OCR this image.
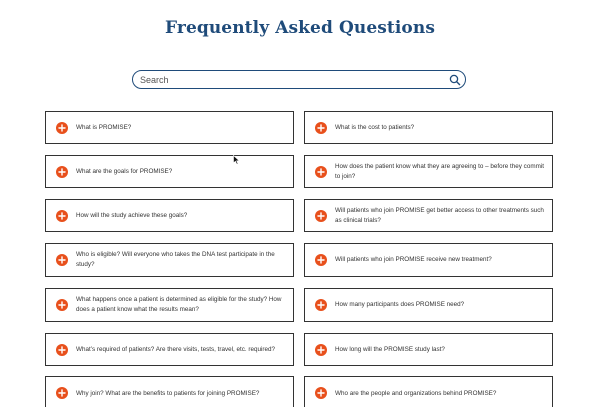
Frequently Asked Questions
Search
What is PROMISE?
What are the goals for PROMISE?
How will the study achieve these goals?
Who is eligible? Will everyone who takes the DNA test participate in the study?
What happens once a patient is determined as eligible for the study? How does a patient know what the results mean?
What’s required of patients? Are there visits, tests, travel, etc. required?
Why join? What are the benefits to patients for joining PROMISE?
What is the cost to patients?
How does the patient know what they are agreeing to – before they commit to join?
Will patients who join PROMISE get better access to other treatments such as clinical trials?
Will patients who join PROMISE receive new treatment?
How many participants does PROMISE need?
How long will the PROMISE study last?
Who are the people and organizations behind PROMISE?
